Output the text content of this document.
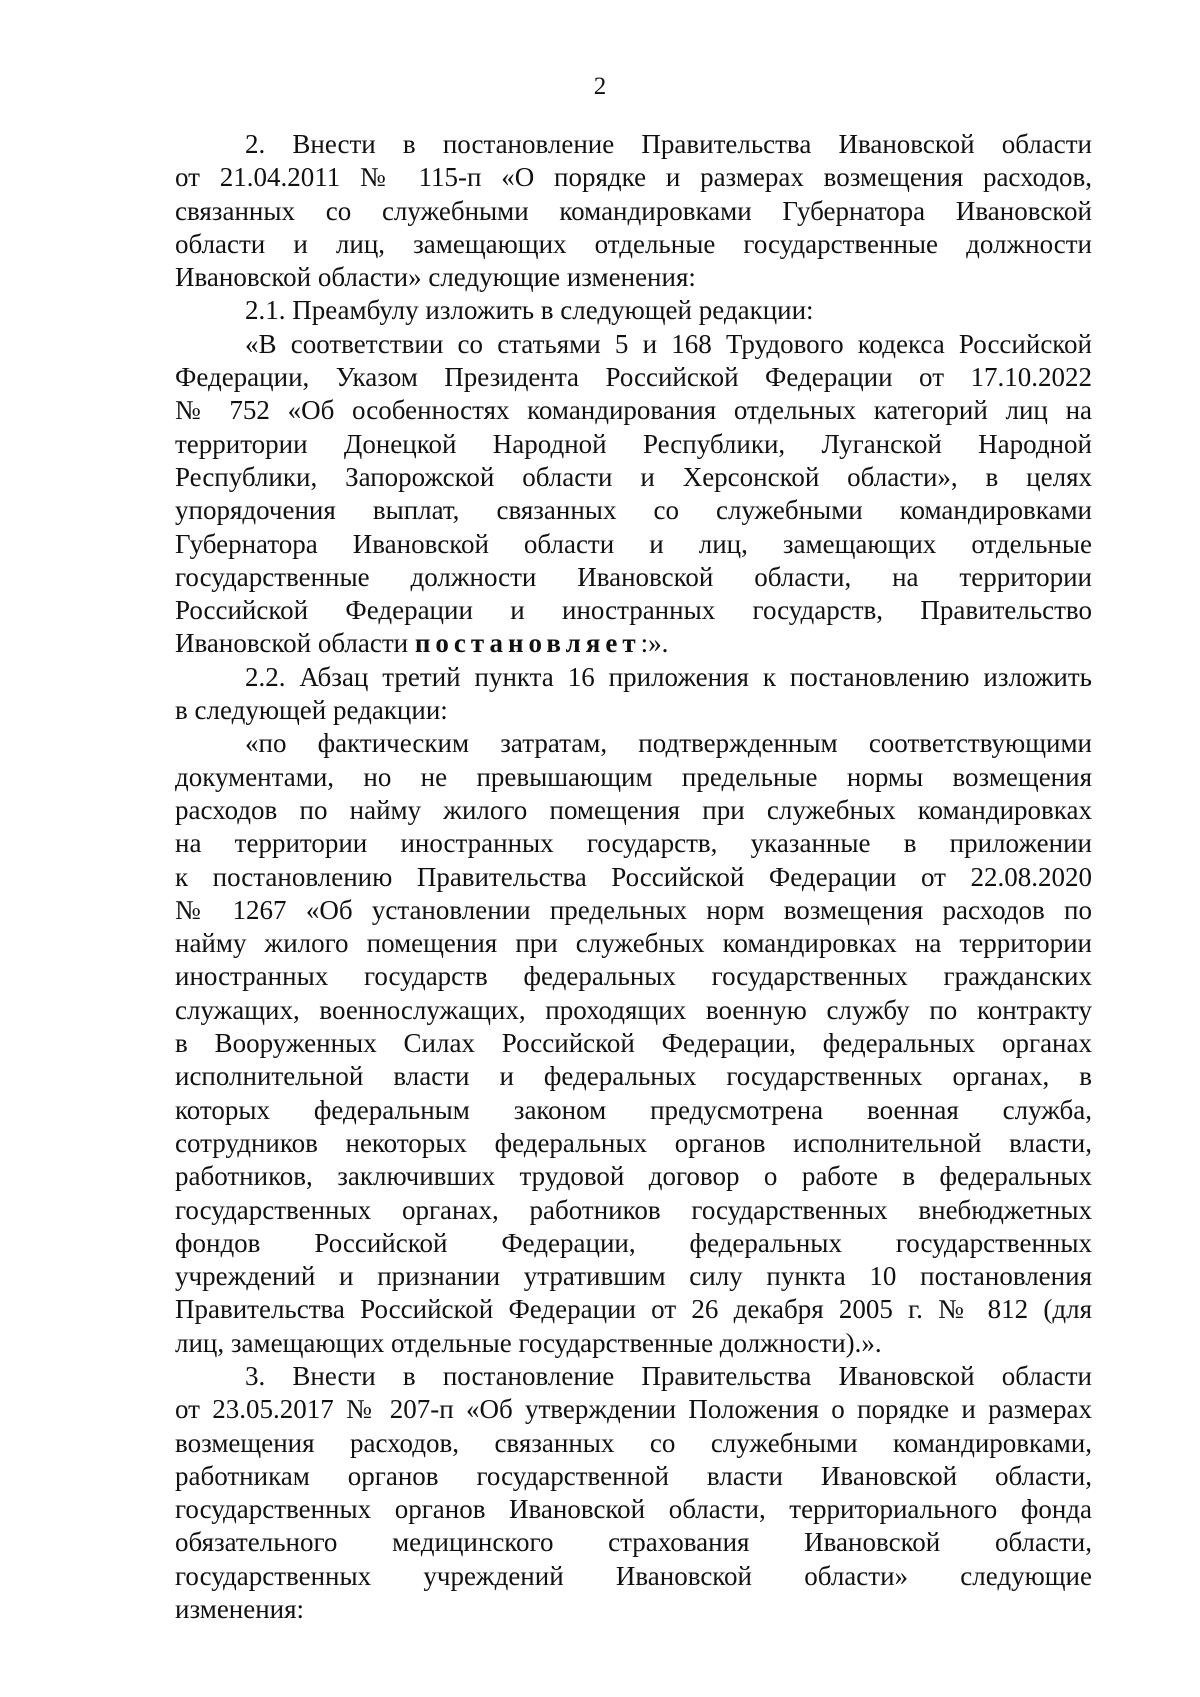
2
2. Внести в постановление Правительства Ивановской области
от 21.04.2011 № 115-п «О порядке и размерах возмещения расходов,
связанных со служебными командировками Губернатора Ивановской
области и лиц, замещающих отдельные государственные должности
Ивановской области» следующие изменения:
2.1. Преамбулу изложить в следующей редакции:
«В соответствии со статьями 5 и 168 Трудового кодекса Российской
Федерации, Указом Президента Российской Федерации от 17.10.2022
№ 752 «Об особенностях командирования отдельных категорий лиц на
территории Донецкой Народной Республики, Луганской Народной
Республики, Запорожской области и Херсонской области», в целях
упорядочения выплат, связанных со служебными командировками
Губернатора Ивановской области и лиц, замещающих отдельные
государственные должности Ивановской области, на территории
Российской Федерации и иностранных государств, Правительство
Ивановской области постановляет:».
2.2. Абзац третий пункта 16 приложения к постановлению изложить
в следующей редакции:
«по фактическим затратам, подтвержденным соответствующими
документами, но не превышающим предельные нормы возмещения
расходов по найму жилого помещения при служебных командировках
на территории иностранных государств, указанные в приложении
к постановлению Правительства Российской Федерации от 22.08.2020
№ 1267 «Об установлении предельных норм возмещения расходов по
найму жилого помещения при служебных командировках на территории
иностранных государств федеральных государственных гражданских
служащих, военнослужащих, проходящих военную службу по контракту
в Вооруженных Силах Российской Федерации, федеральных органах
исполнительной власти и федеральных государственных органах, в
которых федеральным законом предусмотрена военная служба,
сотрудников некоторых федеральных органов исполнительной власти,
работников, заключивших трудовой договор о работе в федеральных
государственных органах, работников государственных внебюджетных
фондов Российской Федерации, федеральных государственных
учреждений и признании утратившим силу пункта 10 постановления
Правительства Российской Федерации от 26 декабря 2005 г. № 812 (для
лиц, замещающих отдельные государственные должности).».
3. Внести в постановление Правительства Ивановской области
от 23.05.2017 № 207-п «Об утверждении Положения о порядке и размерах
возмещения расходов, связанных со служебными командировками,
работникам органов государственной власти Ивановской области,
государственных органов Ивановской области, территориального фонда
обязательного медицинского страхования Ивановской области,
государственных учреждений Ивановской области» следующие
изменения:
